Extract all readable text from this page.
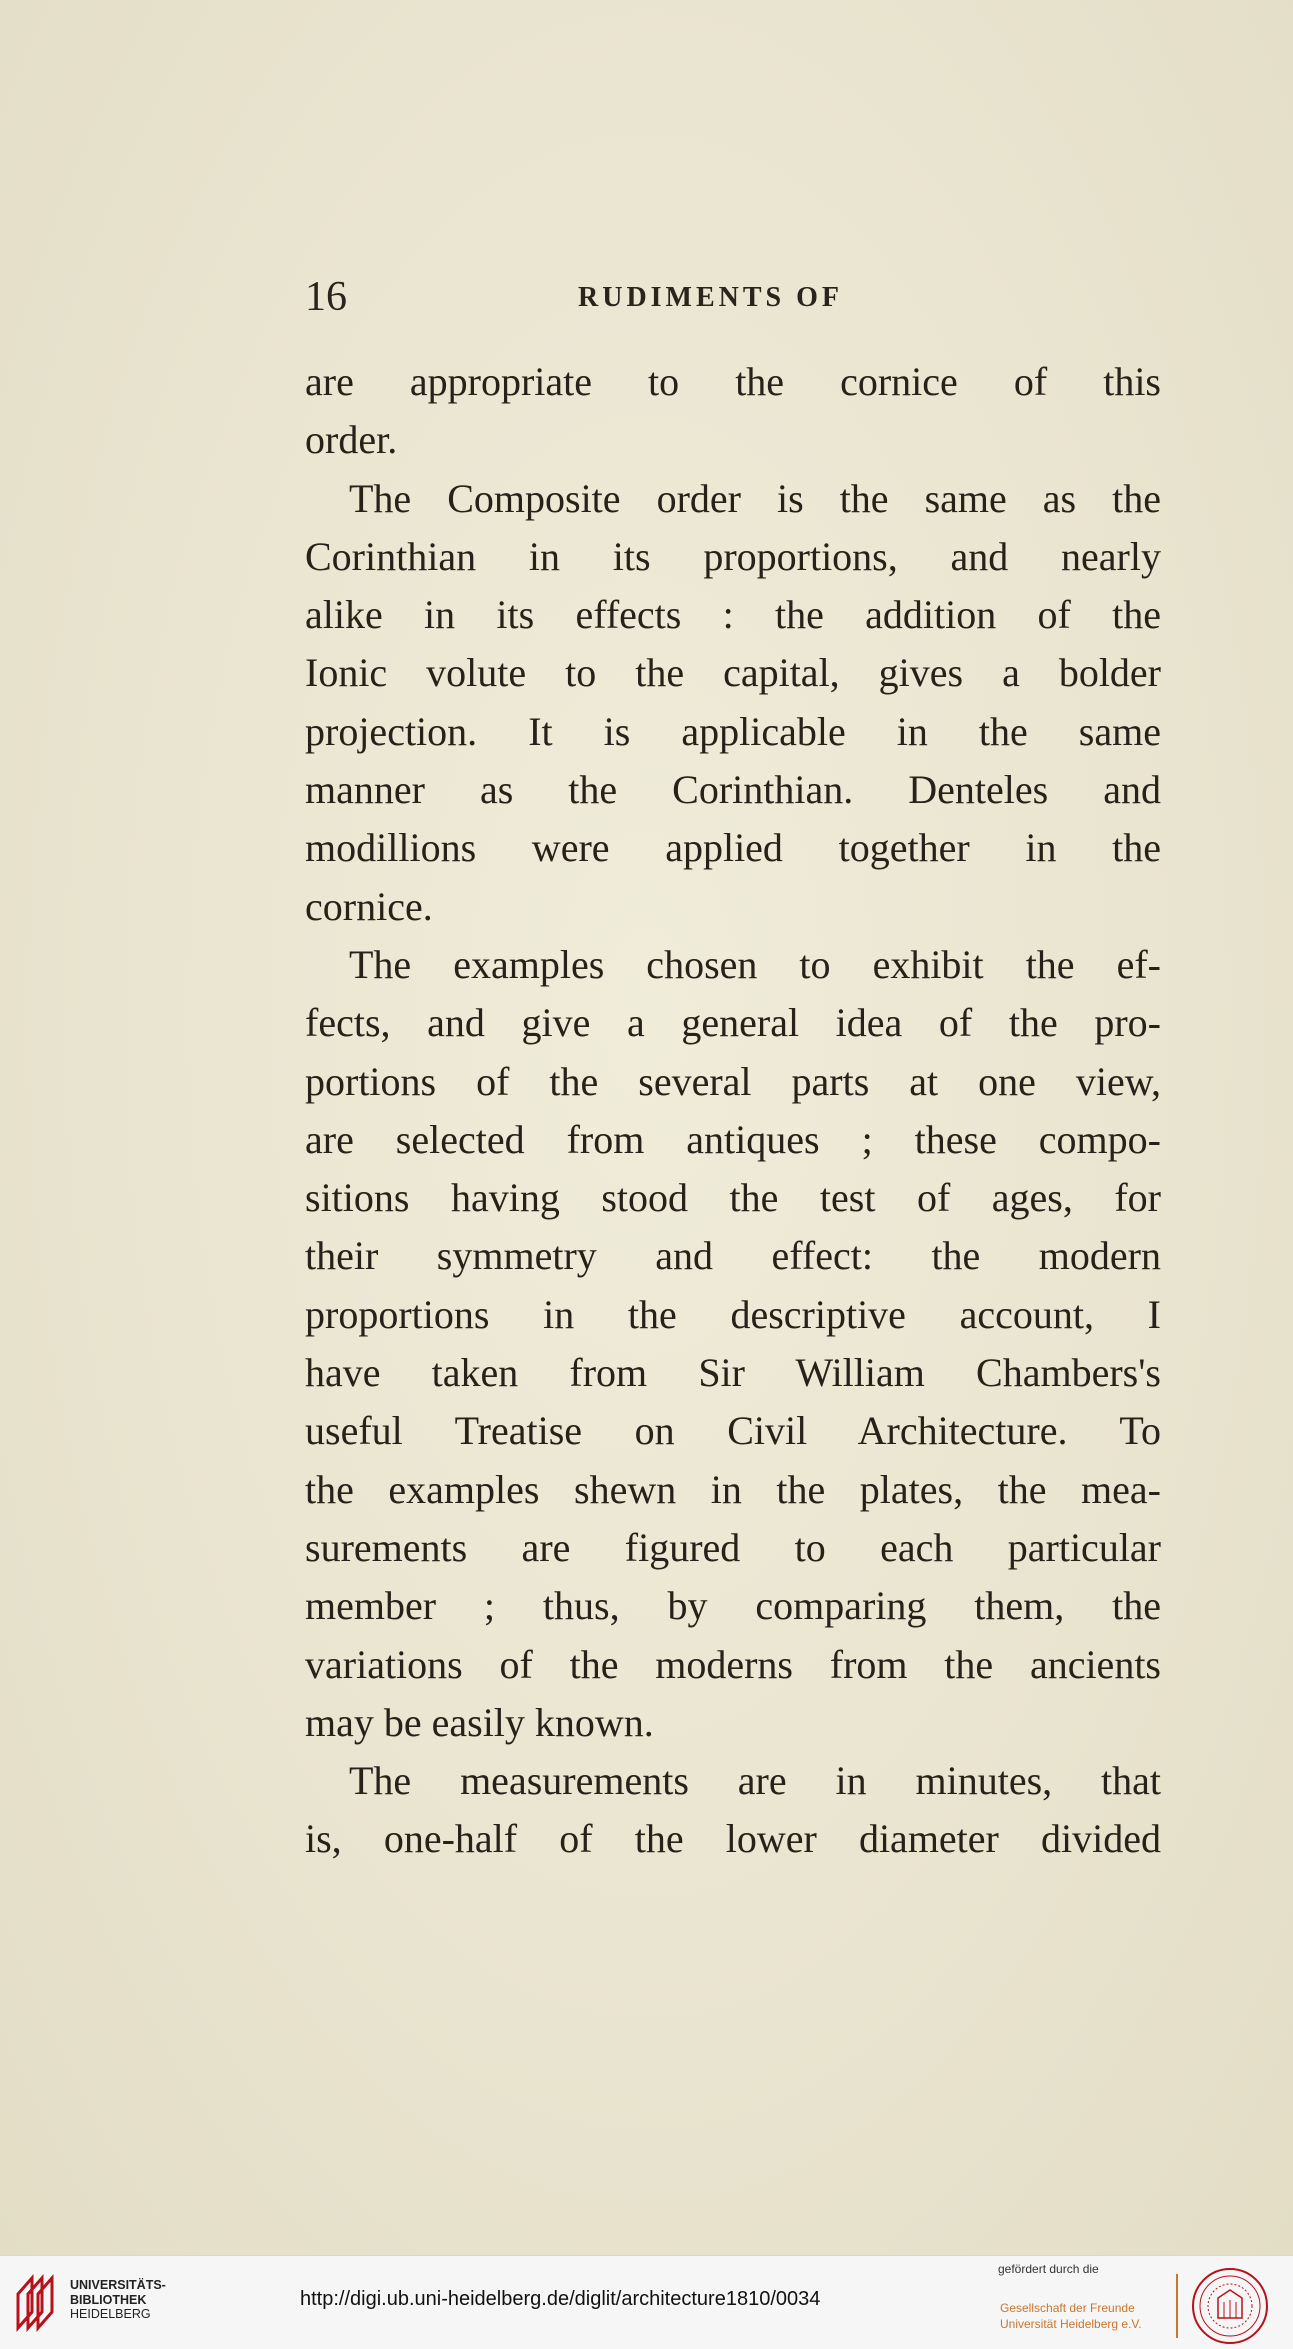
16	RUDIMENTS OF
are appropriate to the cornice of this
order.
The Composite order is the same as the
Corinthian in its proportions, and nearly
alike in its effects : the addition of the
Ionic volute to the capital, gives a bolder
projection. It is applicable in the same
manner as the Corinthian. Denteles and
modillions were applied together in the
cornice.
The examples chosen to exhibit the ef-
fects, and give a general idea of the pro-
portions of the several parts at one view,
are selected from antiques ; these compo-
sitions having stood the test of ages, for
their symmetry and effect: the modern
proportions in the descriptive account, I
have taken from Sir William Chambers's
useful Treatise on Civil Architecture. To
the examples shewn in the plates, the mea-
surements are figured to each particular
member ; thus, by comparing them, the
variations of the moderns from the ancients
may be easily known.
The measurements are in minutes, that
is, one-half of the lower diameter divided
UNIVERSITÄTS-
BIBLIOTHEK
HEIDELBERG
http://digi.ub.uni-heidelberg.de/diglit/architecture1810/0034
gefördert durch die
Gesellschaft der Freunde
Universität Heidelberg e.V.
